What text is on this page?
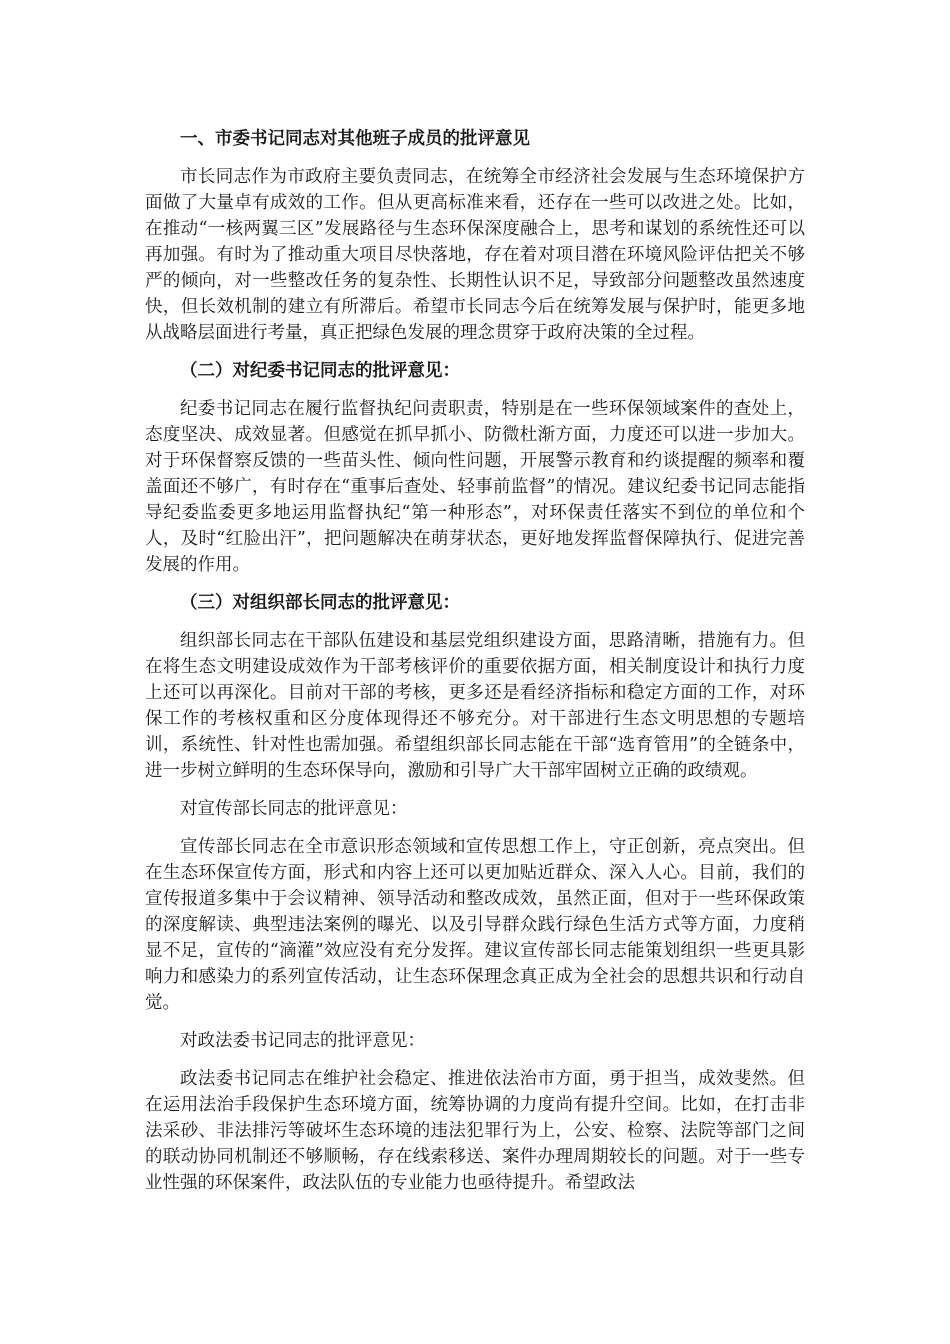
一、市委书记同志对其他班子成员的批评意见

市长同志作为市政府主要负责同志，在统筹全市经济社会发展与生态环境保护方面做了大量卓有成效的工作。但从更高标准来看，还存在一些可以改进之处。比如，在推动“一核两翼三区”发展路径与生态环保深度融合上，思考和谋划的系统性还可以再加强。有时为了推动重大项目尽快落地，存在着对项目潜在环境风险评估把关不够严的倾向，对一些整改任务的复杂性、长期性认识不足，导致部分问题整改虽然速度快，但长效机制的建立有所滞后。希望市长同志今后在统筹发展与保护时，能更多地从战略层面进行考量，真正把绿色发展的理念贯穿于政府决策的全过程。

（二）对纪委书记同志的批评意见：

纪委书记同志在履行监督执纪问责职责，特别是在一些环保领域案件的查处上，态度坚决、成效显著。但感觉在抓早抓小、防微杜渐方面，力度还可以进一步加大。对于环保督察反馈的一些苗头性、倾向性问题，开展警示教育和约谈提醒的频率和覆盖面还不够广，有时存在“重事后查处、轻事前监督”的情况。建议纪委书记同志能指导纪委监委更多地运用监督执纪“第一种形态”，对环保责任落实不到位的单位和个人，及时“红脸出汗”，把问题解决在萌芽状态，更好地发挥监督保障执行、促进完善发展的作用。

（三）对组织部长同志的批评意见：

组织部长同志在干部队伍建设和基层党组织建设方面，思路清晰，措施有力。但在将生态文明建设成效作为干部考核评价的重要依据方面，相关制度设计和执行力度上还可以再深化。目前对干部的考核，更多还是看经济指标和稳定方面的工作，对环保工作的考核权重和区分度体现得还不够充分。对干部进行生态文明思想的专题培训，系统性、针对性也需加强。希望组织部长同志能在干部“选育管用”的全链条中，进一步树立鲜明的生态环保导向，激励和引导广大干部牢固树立正确的政绩观。

对宣传部长同志的批评意见：

宣传部长同志在全市意识形态领域和宣传思想工作上，守正创新，亮点突出。但在生态环保宣传方面，形式和内容上还可以更加贴近群众、深入人心。目前，我们的宣传报道多集中于会议精神、领导活动和整改成效，虽然正面，但对于一些环保政策的深度解读、典型违法案例的曝光、以及引导群众践行绿色生活方式等方面，力度稍显不足，宣传的“滴灌”效应没有充分发挥。建议宣传部长同志能策划组织一些更具影响力和感染力的系列宣传活动，让生态环保理念真正成为全社会的思想共识和行动自觉。

对政法委书记同志的批评意见：

政法委书记同志在维护社会稳定、推进依法治市方面，勇于担当，成效斐然。但在运用法治手段保护生态环境方面，统筹协调的力度尚有提升空间。比如，在打击非法采砂、非法排污等破坏生态环境的违法犯罪行为上，公安、检察、法院等部门之间的联动协同机制还不够顺畅，存在线索移送、案件办理周期较长的问题。对于一些专业性强的环保案件，政法队伍的专业能力也亟待提升。希望政法
